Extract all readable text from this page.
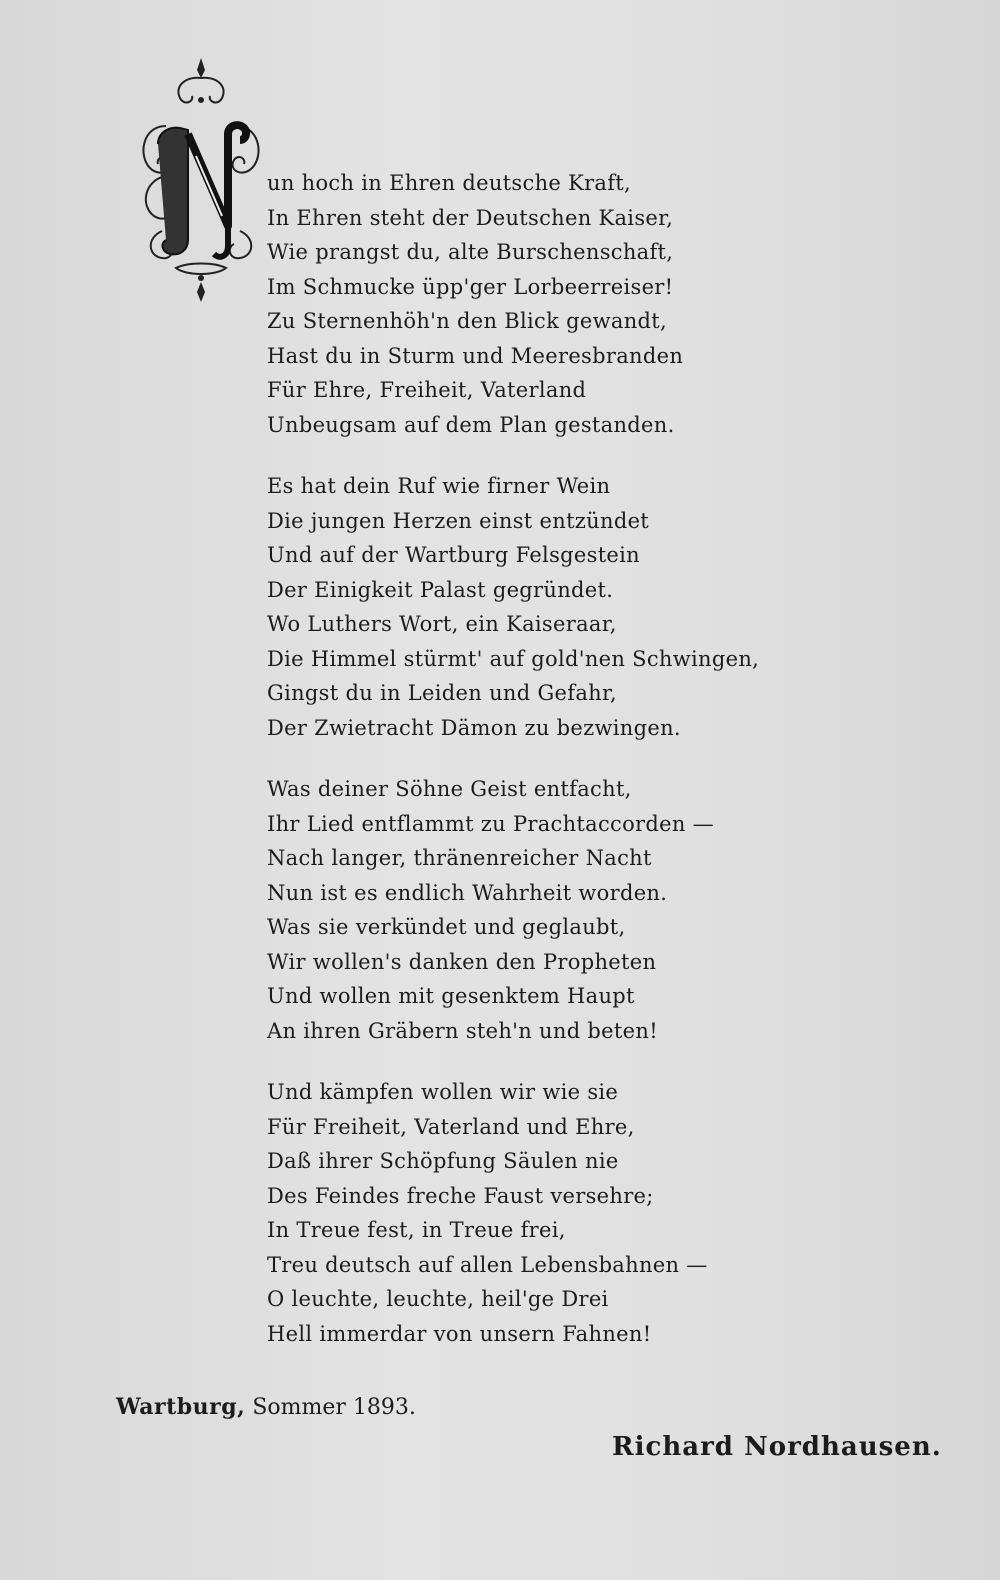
un hoch in Ehren deutsche Kraft,
In Ehren steht der Deutschen Kaiser,
Wie prangst du, alte Burschenschaft,
Im Schmucke üpp'ger Lorbeerreiser!
Zu Sternenhöh'n den Blick gewandt,
Hast du in Sturm und Meeresbranden
Für Ehre, Freiheit, Vaterland
Unbeugsam auf dem Plan gestanden.
Es hat dein Ruf wie firner Wein
Die jungen Herzen einst entzündet
Und auf der Wartburg Felsgestein
Der Einigkeit Palast gegründet.
Wo Luthers Wort, ein Kaiseraar,
Die Himmel stürmt' auf gold'nen Schwingen,
Gingst du in Leiden und Gefahr,
Der Zwietracht Dämon zu bezwingen.
Was deiner Söhne Geist entfacht,
Ihr Lied entflammt zu Prachtaccorden —
Nach langer, thränenreicher Nacht
Nun ist es endlich Wahrheit worden.
Was sie verkündet und geglaubt,
Wir wollen's danken den Propheten
Und wollen mit gesenktem Haupt
An ihren Gräbern steh'n und beten!
Und kämpfen wollen wir wie sie
Für Freiheit, Vaterland und Ehre,
Daß ihrer Schöpfung Säulen nie
Des Feindes freche Faust versehre;
In Treue fest, in Treue frei,
Treu deutsch auf allen Lebensbahnen —
O leuchte, leuchte, heil'ge Drei
Hell immerdar von unsern Fahnen!
Wartburg, Sommer 1893.
Richard Nordhausen.
